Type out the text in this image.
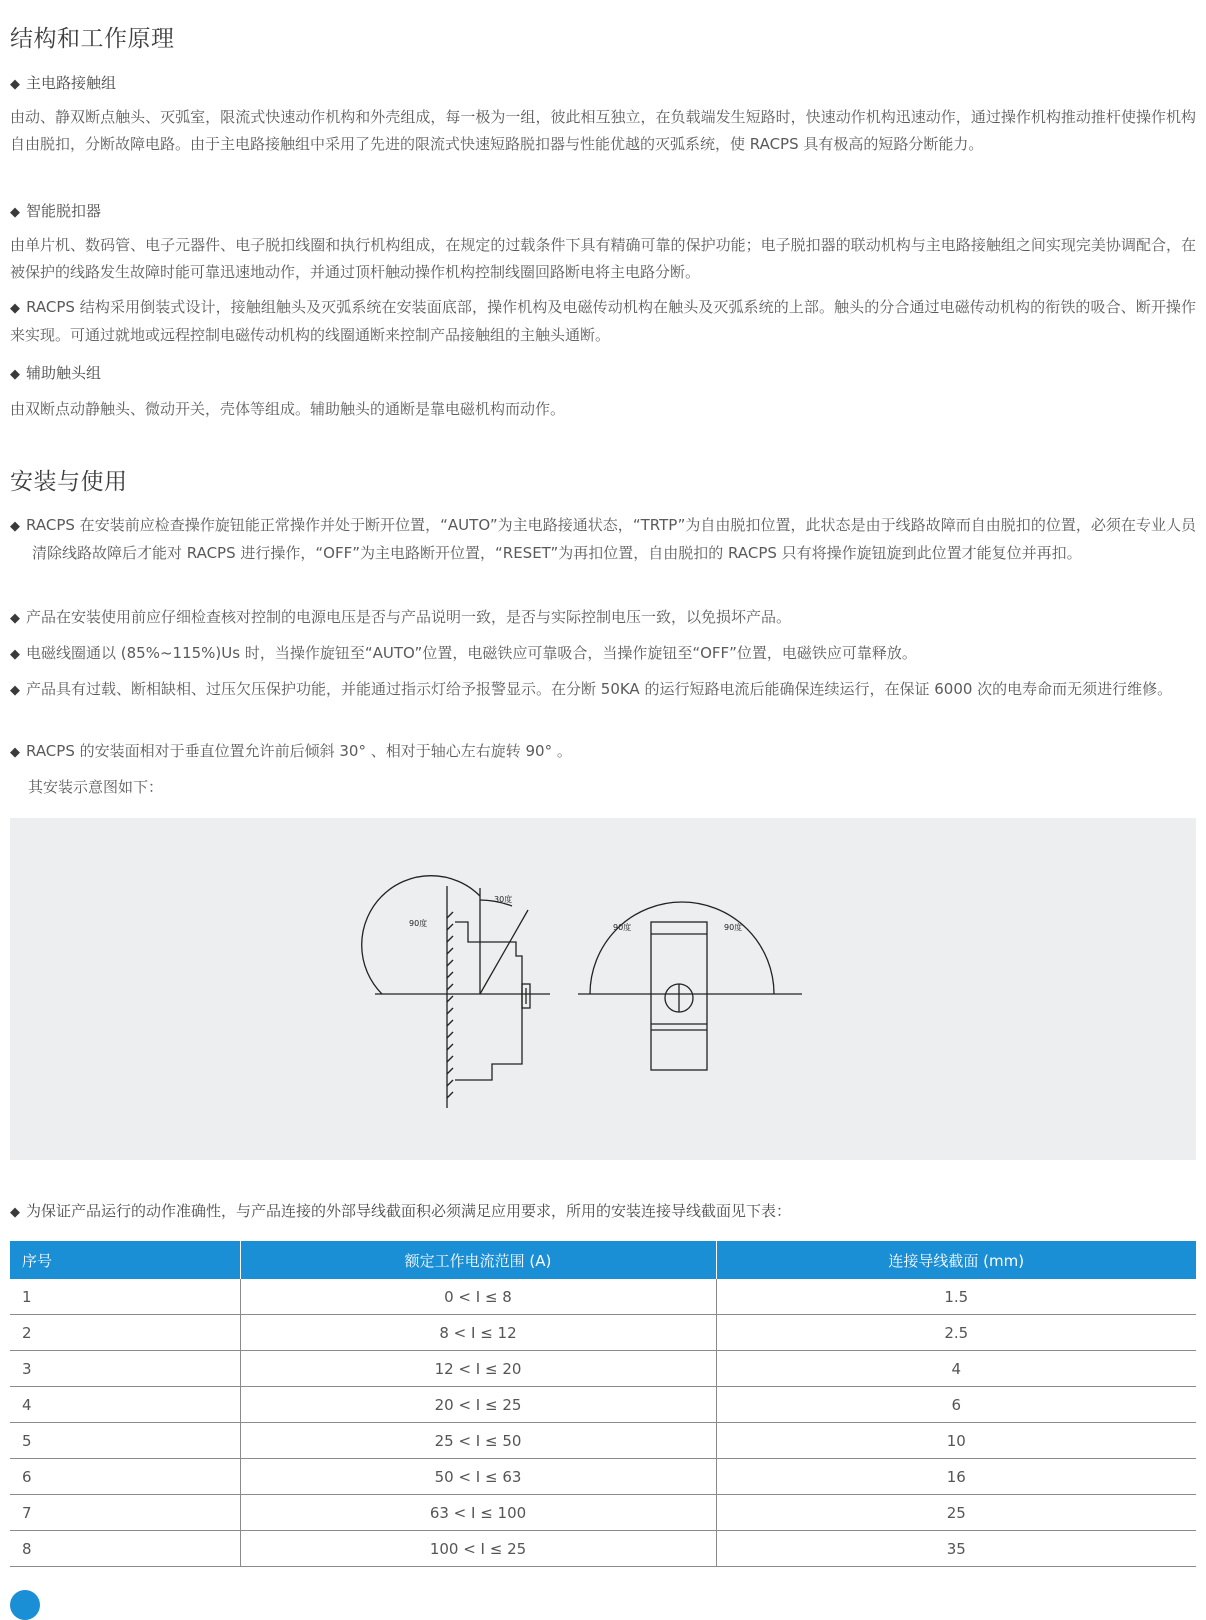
结构和工作原理
◆ 主电路接触组

由动、静双断点触头、灭弧室，限流式快速动作机构和外壳组成，每一极为一组，彼此相互独立，在负载端发生短路时，快速动作机构迅速动作，通过操作机构推动推杆使操作机构自由脱扣，分断故障电路。由于主电路接触组中采用了先进的限流式快速短路脱扣器与性能优越的灭弧系统，使 RACPS 具有极高的短路分断能力。

◆ 智能脱扣器

由单片机、数码管、电子元器件、电子脱扣线圈和执行机构组成，在规定的过载条件下具有精确可靠的保护功能；电子脱扣器的联动机构与主电路接触组之间实现完美协调配合，在被保护的线路发生故障时能可靠迅速地动作，并通过顶杆触动操作机构控制线圈回路断电将主电路分断。

◆ RACPS 结构采用倒装式设计，接触组触头及灭弧系统在安装面底部，操作机构及电磁传动机构在触头及灭弧系统的上部。触头的分合通过电磁传动机构的衔铁的吸合、断开操作来实现。可通过就地或远程控制电磁传动机构的线圈通断来控制产品接触组的主触头通断。

◆ 辅助触头组

由双断点动静触头、微动开关，壳体等组成。辅助触头的通断是靠电磁机构而动作。

安装与使用

◆ RACPS 在安装前应检查操作旋钮能正常操作并处于断开位置，“AUTO”为主电路接通状态，“TRTP”为自由脱扣位置，此状态是由于线路故障而自由脱扣的位置，必须在专业人员清除线路故障后才能对 RACPS 进行操作，“OFF”为主电路断开位置，“RESET”为再扣位置，自由脱扣的 RACPS 只有将操作旋钮旋到此位置才能复位并再扣。

◆ 产品在安装使用前应仔细检查核对控制的电源电压是否与产品说明一致，是否与实际控制电压一致，以免损坏产品。

◆ 电磁线圈通以 (85%~115%)Us 时，当操作旋钮至“AUTO”位置，电磁铁应可靠吸合，当操作旋钮至“OFF”位置，电磁铁应可靠释放。

◆ 产品具有过载、断相缺相、过压欠压保护功能，并能通过指示灯给予报警显示。在分断 50KA 的运行短路电流后能确保连续运行，在保证 6000 次的电寿命而无须进行维修。

◆ RACPS 的安装面相对于垂直位置允许前后倾斜 30° 、相对于轴心左右旋转 90° 。

其安装示意图如下：
90度
30度
90度	90度
◆ 为保证产品运行的动作准确性，与产品连接的外部导线截面积必须满足应用要求，所用的安装连接导线截面见下表：
序号	额定工作电流范围 (A)	连接导线截面 (mm)
1	0 < I ≤ 8	1.5
2	8 < I ≤ 12	2.5
3	12 < I ≤ 20	4
4	20 < I ≤ 25	6
5	25 < I ≤ 50	10
6	50 < I ≤ 63	16
7	63 < I ≤ 100	25
8	100 < I ≤ 25	35
